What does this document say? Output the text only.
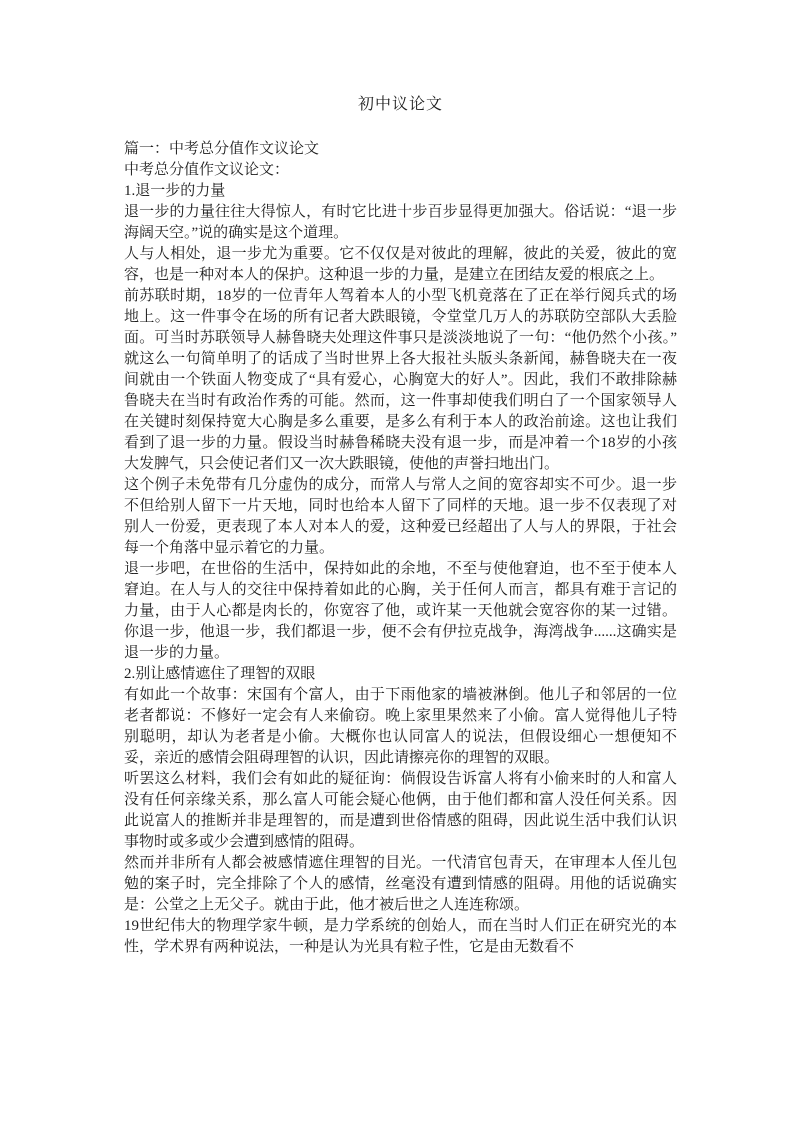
初中议论文

篇一：中考总分值作文议论文

中考总分值作文议论文：

1.退一步的力量

退一步的力量往往大得惊人，有时它比进十步百步显得更加强大。俗话说：“退一步海阔天空。”说的确实是这个道理。

人与人相处，退一步尤为重要。它不仅仅是对彼此的理解，彼此的关爱，彼此的宽容，也是一种对本人的保护。这种退一步的力量，是建立在团结友爱的根底之上。

前苏联时期，18岁的一位青年人驾着本人的小型飞机竟落在了正在举行阅兵式的场地上。这一件事令在场的所有记者大跌眼镜，令堂堂几万人的苏联防空部队大丢脸面。可当时苏联领导人赫鲁晓夫处理这件事只是淡淡地说了一句：“他仍然个小孩。”就这么一句简单明了的话成了当时世界上各大报社头版头条新闻，赫鲁晓夫在一夜间就由一个铁面人物变成了“具有爱心，心胸宽大的好人”。因此，我们不敢排除赫鲁晓夫在当时有政治作秀的可能。然而，这一件事却使我们明白了一个国家领导人在关键时刻保持宽大心胸是多么重要，是多么有利于本人的政治前途。这也让我们看到了退一步的力量。假设当时赫鲁稀晓夫没有退一步，而是冲着一个18岁的小孩大发脾气，只会使记者们又一次大跌眼镜，使他的声誉扫地出门。

这个例子未免带有几分虚伪的成分，而常人与常人之间的宽容却实不可少。退一步不但给别人留下一片天地，同时也给本人留下了同样的天地。退一步不仅表现了对别人一份爱，更表现了本人对本人的爱，这种爱已经超出了人与人的界限，于社会每一个角落中显示着它的力量。

退一步吧，在世俗的生活中，保持如此的余地，不至与使他窘迫，也不至于使本人窘迫。在人与人的交往中保持着如此的心胸，关于任何人而言，都具有难于言记的力量，由于人心都是肉长的，你宽容了他，或许某一天他就会宽容你的某一过错。你退一步，他退一步，我们都退一步，便不会有伊拉克战争，海湾战争......这确实是退一步的力量。

2.别让感情遮住了理智的双眼

有如此一个故事：宋国有个富人，由于下雨他家的墙被淋倒。他儿子和邻居的一位老者都说：不修好一定会有人来偷窃。晚上家里果然来了小偷。富人觉得他儿子特别聪明，却认为老者是小偷。大概你也认同富人的说法，但假设细心一想便知不妥，亲近的感情会阻碍理智的认识，因此请擦亮你的理智的双眼。

听罢这么材料，我们会有如此的疑征询：倘假设告诉富人将有小偷来时的人和富人没有任何亲缘关系，那么富人可能会疑心他俩，由于他们都和富人没任何关系。因此说富人的推断并非是理智的，而是遭到世俗情感的阻碍，因此说生活中我们认识事物时或多或少会遭到感情的阻碍。

然而并非所有人都会被感情遮住理智的目光。一代清官包青天，在审理本人侄儿包勉的案子时，完全排除了个人的感情，丝毫没有遭到情感的阻碍。用他的话说确实是：公堂之上无父子。就由于此，他才被后世之人连连称颂。

19世纪伟大的物理学家牛顿，是力学系统的创始人，而在当时人们正在研究光的本性，学术界有两种说法，一种是认为光具有粒子性，它是由无数看不
